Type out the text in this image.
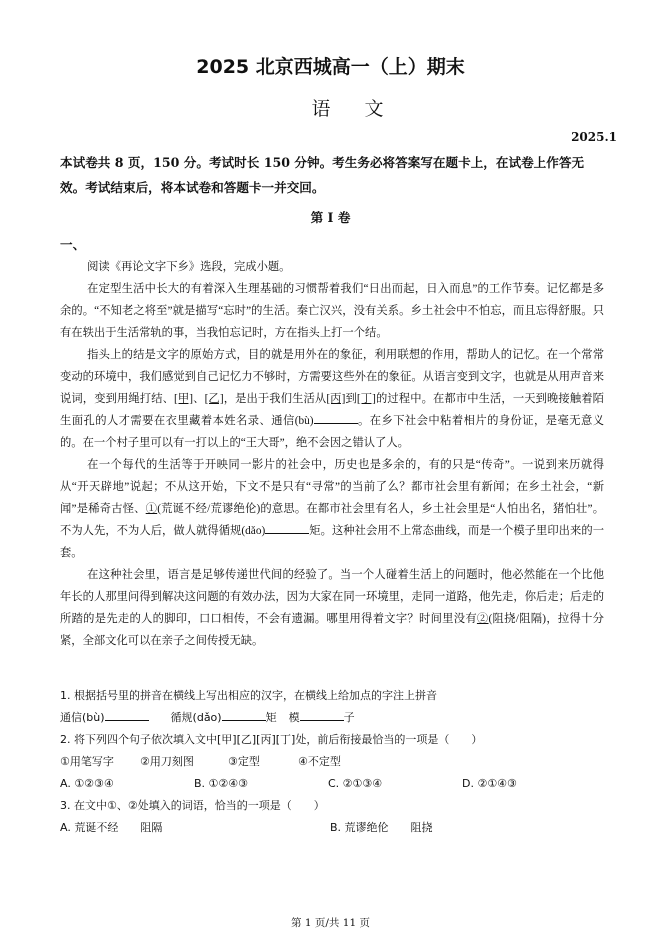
2025 北京西城高一（上）期末
语文
2025.1
本试卷共 8 页，150 分。考试时长 150 分钟。考生务必将答案写在题卡上，在试卷上作答无效。考试结束后，将本试卷和答题卡一并交回。
第 I 卷
一、

阅读《再论文字下乡》选段，完成小题。

在定型生活中长大的有着深入生理基础的习惯帮着我们“日出而起，日入而息”的工作节奏。记忆都是多余的。“不知老之将至”就是描写“忘时”的生活。秦亡汉兴，没有关系。乡土社会中不怕忘，而且忘得舒服。只有在轶出于生活常轨的事，当我怕忘记时，方在指头上打一个结。

指头上的结是文字的原始方式，目的就是用外在的象征，利用联想的作用，帮助人的记忆。在一个常常变动的环境中，我们感觉到自己记忆力不够时，方需要这些外在的象征。从语言变到文字，也就是从用声音来说词，变到用绳打结、[甲]、[乙]，是出于我们生活从[丙]到[丁]的过程中。在都市中生活，一天到晚接触着陌生面孔的人才需要在衣里藏着本姓名录、通信(bù)	。在乡下社会中粘着相片的身份证，是毫无意义的。在一个村子里可以有一打以上的“王大哥”，绝不会因之错认了人。

在一个每代的生活等于开映同一影片的社会中，历史也是多余的，有的只是“传奇”。一说到来历就得从“开天辟地”说起；不从这开始，下文不是只有“寻常”的当前了么？都市社会里有新闻；在乡土社会，“新闻”是稀奇古怪、①(荒诞不经/荒谬绝伦)的意思。在都市社会里有名人，乡土社会里是“人怕出名，猪怕壮”。不为人先，不为人后，做人就得循规(dǎo)	矩。这种社会用不上常态曲线，而是一个模子里印出来的一套。

在这种社会里，语言是足够传递世代间的经验了。当一个人碰着生活上的问题时，他必然能在一个比他年长的人那里问得到解决这问题的有效办法，因为大家在同一环境里，走同一道路，他先走，你后走；后走的所踏的是先走的人的脚印，口口相传，不会有遗漏。哪里用得着文字？时间里没有②(阻挠/阻隔)，拉得十分紧，全部文化可以在亲子之间传授无缺。

1. 根据括号里的拼音在横线上写出相应的汉字，在横线上给加点的字注上拼音
通信(bù)	循规(dǎo)	矩 模	子
2. 将下列四个句子依次填入文中[甲][乙][丙][丁]处，前后衔接最恰当的一项是（　　）
①用笔写字 ②用刀刻图	③定型	④不定型
A. ①②③④	B. ①②④③	C. ②①③④	D. ②①④③
3. 在文中①、②处填入的词语，恰当的一项是（　　）
A. 荒诞不经　　阻隔	B. 荒谬绝伦　　阻挠
第 1 页/共 11 页
